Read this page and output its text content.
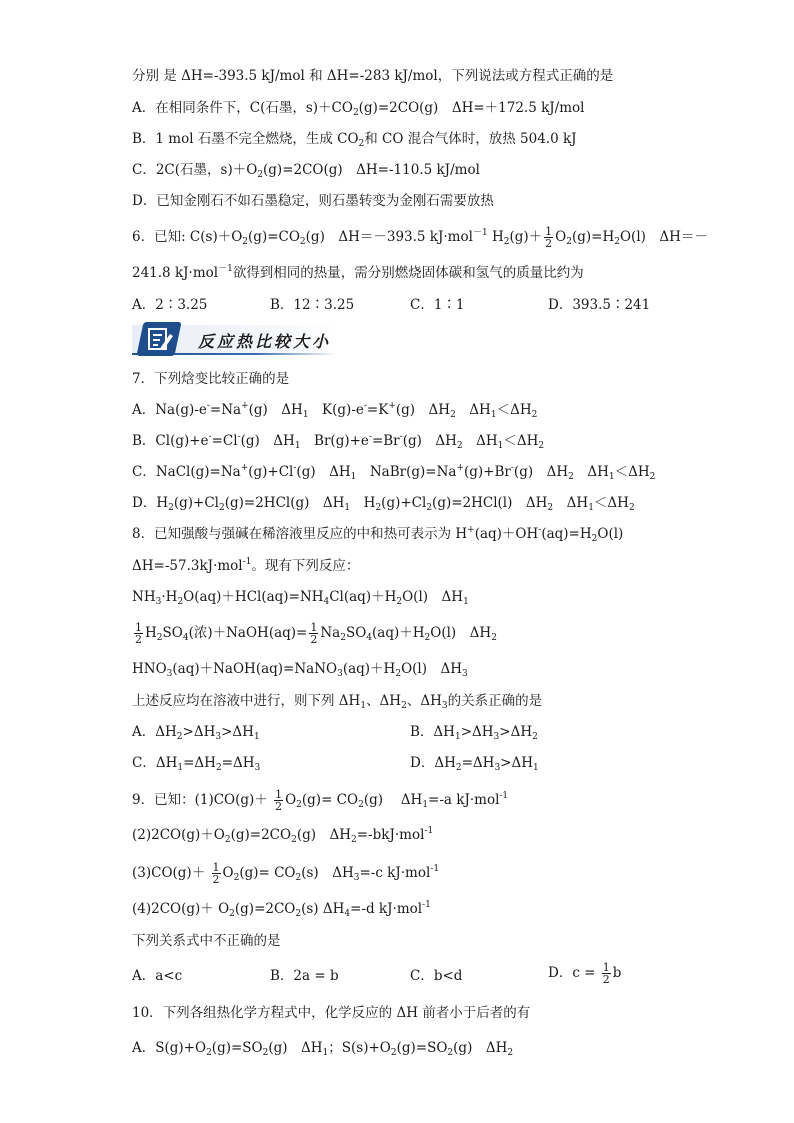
分别 是 ΔH=-393.5 kJ/mol 和 ΔH=-283 kJ/mol，下列说法或方程式正确的是
A．在相同条件下，C(石墨，$s)+CO_2(g)=2CO(g)$　ΔH=＋172.5 kJ/mol
B．1 mol 石墨不完全燃烧，生成 $CO_2$和 CO 混合气体时，放热 504.0 kJ
C．2C(石墨，$s)+O_2(g)=2CO(g)$　ΔH=-110.5 kJ/mol
D．已知金刚石不如石墨稳定，则石墨转变为金刚石需要放热
6．已知: $C(s)+O_2(g)=CO_2(g)$　ΔH＝－393.5 kJ·mol$^{-1}$ $H_2(g)+ \frac{1}{2} O_2(g)=H_2O(l)$　ΔH＝－
241.8 kJ·mol$^{-1}$欲得到相同的热量，需分别燃烧固体碳和氢气的质量比约为
A．2∶3.25	B．12∶3.25	C．1∶1	D．393.5∶241
反应热比较大小
7．下列焓变比较正确的是
A．Na(g)-e-=Na+(g)　$\Delta H_1$　K(g)-e-=K+(g)　$\Delta H_2$　$\Delta H_1<\Delta H_2$
B．Cl(g)+e-=Cl-(g)　$\Delta H_1$　Br(g)+e-=Br-(g)　$\Delta H_2$　$\Delta H_1<\Delta H_2$
C．NaCl(g)=Na+(g)+Cl-(g)　$\Delta H_1$　NaBr(g)=Na+(g)+Br-(g)　$\Delta H_2$　$\Delta H_1<\Delta H_2$
D．$H_2(g)+Cl_2(g)=2HCl(g)$　$\Delta H_1$　$H_2(g)+Cl_2(g)=2HCl(l)$　$\Delta H_2$　$\Delta H_1<\Delta H_2$
8．已知强酸与强碱在稀溶液里反应的中和热可表示为 $H^+(aq)+OH^-(aq)=H_2O(l)$
ΔH=-57.3kJ·mol$^{-1}$。现有下列反应：
$NH_3\cdot H_2O(aq)+HCl(aq)=NH_4Cl(aq)+H_2O(l)$　$\Delta H_1$
$\frac{1}{2} H_2SO_4$(浓)＋NaOH(aq)= $\frac{1}{2} Na_2SO_4(aq)+H_2O(l)$　$\Delta H_2$
$HNO_3(aq)+NaOH(aq)=NaNO_3(aq)+H_2O(l)$　$\Delta H_3$
上述反应均在溶液中进行，则下列 $\Delta H_1$、$\Delta H_2$、$\Delta H_3$的关系正确的是
A．$\Delta H_2>\Delta H_3>\Delta H_1$	B．$\Delta H_1>\Delta H_3>\Delta H_2$
C．$\Delta H_1=\Delta H_2=\Delta H_3$	D．$\Delta H_2=\Delta H_3>\Delta H_1$
9．已知：$(1)CO(g)+ \frac{1}{2} O_2(g)= CO_2(g)$　 $\Delta H_1=-a$ kJ·mol$^{-1}$
$(2)2CO(g)+O_2(g)=2CO_2(g)$　$\Delta H_2=-bkJ\cdot mol^{-1}$
$(3)CO(g)+ \frac{1}{2} O_2(g)= CO_2(s)$　$\Delta H_3=-c$ kJ·mol$^{-1}$
$(4)2CO(g)+ O_2(g)=2CO_2(s)$ $\Delta H_4=-d$ kJ·mol$^{-1}$
下列关系式中不正确的是
A．a<c	B．2a = b	C．b<d	D．$c = \frac{1}{2}$ b
10．下列各组热化学方程式中，化学反应的 ΔH 前者小于后者的有
A．$S(g)+O_2(g)=SO_2(g)$　$\Delta H_1$；$S(s)+O_2(g)=SO_2(g)$　$\Delta H_2$
